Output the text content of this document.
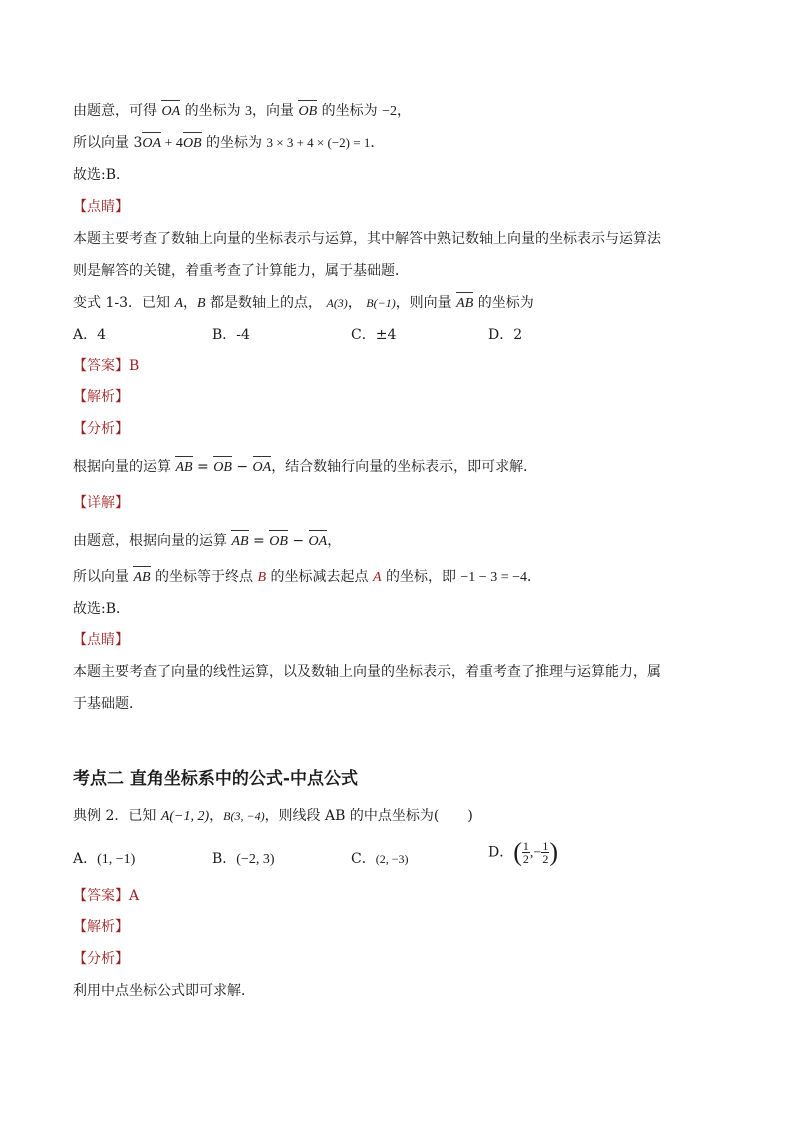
由题意，可得 OA 的坐标为 3，向量 OB 的坐标为 −2，
所以向量 3OA + 4OB 的坐标为 3 × 3 + 4 × (−2) = 1．
故选:B．
【点睛】
本题主要考查了数轴上向量的坐标表示与运算，其中解答中熟记数轴上向量的坐标表示与运算法
则是解答的关键，着重考查了计算能力，属于基础题．
变式 1-3．已知 A，B 都是数轴上的点， A(3)， B(−1)，则向量 AB 的坐标为
A．4	B．-4	C．±4	D．2
【答案】B
【解析】
【分析】
根据向量的运算 AB = OB − OA，结合数轴行向量的坐标表示，即可求解．
【详解】
由题意，根据向量的运算 AB = OB − OA，
所以向量 AB 的坐标等于终点 B 的坐标减去起点 A 的坐标，即 −1 − 3 = −4．
故选:B．
【点睛】
本题主要考查了向量的线性运算，以及数轴上向量的坐标表示，着重考查了推理与运算能力，属
于基础题．
考点二 直角坐标系中的公式-中点公式
典例 2．已知 A(−1, 2)，B(3, −4)，则线段 AB 的中点坐标为(　　)
A．(1, −1)	B．(−2, 3)	C．(2, −3)	D．( $\frac{1}{2}$ ,− $\frac{1}{2}$ )
【答案】A
【解析】
【分析】
利用中点坐标公式即可求解．
